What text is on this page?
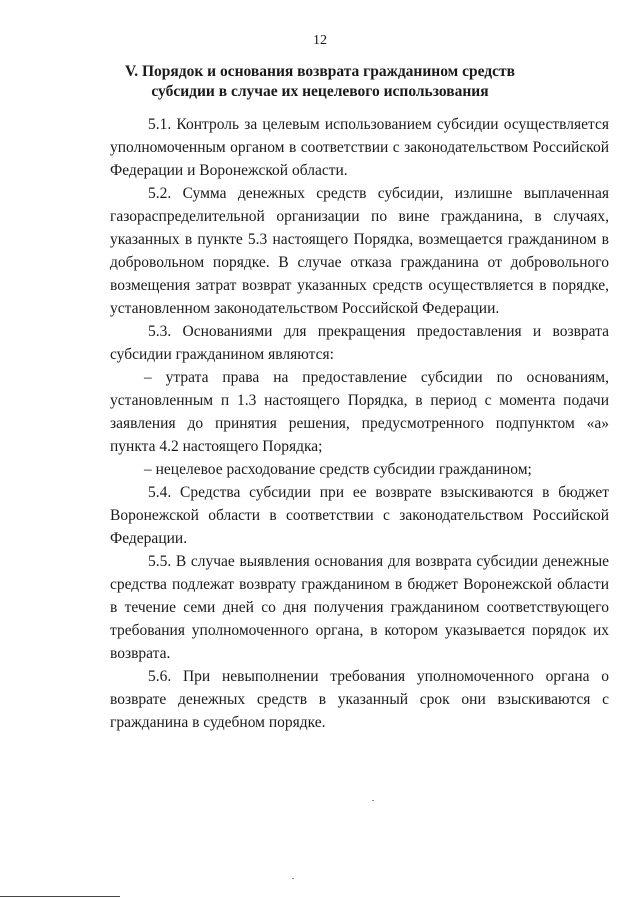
12
V. Порядок и основания возврата гражданином средств субсидии в случае их нецелевого использования

5.1. Контроль за целевым использованием субсидии осуществляется уполномоченным органом в соответствии с законодательством Российской Федерации и Воронежской области.

5.2. Сумма денежных средств субсидии, излишне выплаченная газораспределительной организации по вине гражданина, в случаях, указанных в пункте 5.3 настоящего Порядка, возмещается гражданином в добровольном порядке. В случае отказа гражданина от добровольного возмещения затрат возврат указанных средств осуществляется в порядке, установленном законодательством Российской Федерации.

5.3. Основаниями для прекращения предоставления и возврата субсидии гражданином являются:

– утрата права на предоставление субсидии по основаниям, установленным п 1.3 настоящего Порядка, в период с момента подачи заявления до принятия решения, предусмотренного подпунктом «а» пункта 4.2 настоящего Порядка;

– нецелевое расходование средств субсидии гражданином;

5.4. Средства субсидии при ее возврате взыскиваются в бюджет Воронежской области в соответствии с законодательством Российской Федерации.

5.5. В случае выявления основания для возврата субсидии денежные средства подлежат возврату гражданином в бюджет Воронежской области в течение семи дней со дня получения гражданином соответствующего требования уполномоченного органа, в котором указывается порядок их возврата.

5.6. При невыполнении требования уполномоченного органа о возврате денежных средств в указанный срок они взыскиваются с гражданина в судебном порядке.
